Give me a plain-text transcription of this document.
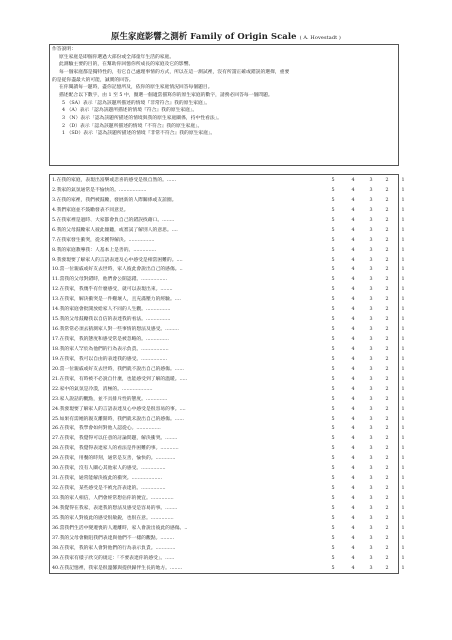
原生家庭影響之測析 Family of Origin Scale ( A. Hovestadt )
作答說明：
原生家庭是即個你選過大部份或全部童年生活的家庭。
此測驗主要的目的，在幫助你回憶你所成長的家庭及它的影響。
每一個家庭都是獨特性的，有它自己處理事情的方式，所以在這一測試裡，沒有所謂正確或錯誤的選擇，重要
的是從你盡最大的可能，誠實的回答。
在你閱讀每一題時，盡你記憶所及，依你的原生家庭情況回答每個題目。
描述配合以下數字，由 1 至 5 中，圈選一個適當描寫你的原生家庭的數字，請務必回答每一個問題。
5 （SA）表示「認為該題所描述的情境『非常符合』我的原生家庭」。
4 （A）表示「認為該題所描述的情境『符合』我的原生家庭」。
3 （N）表示「認為該題所描述的情境與我的原生家庭關係，持中性看法」。
2 （D）表示「認為該題所描述的情境『不符合』我的原生家庭」。
1 （SD）表示「認為該題所描述的情境『非常不符合』我的原生家庭」。
1.在我的家庭，表現出富樂或悲喜的感受是很自然的。......	5	4	3	2	1
2.我家的氣氛通常是不愉快的。..................	5	4	3	2	1
3.在我的家裡，我們被鼓勵，發展新的人際關係或友誼圈。	5	4	3	2	1
4.我們家庭並不鼓勵發表不同意見。	5	4	3	2	1
5.在我家裡是過時、大家都會負自己的錯誤找藉口。........	5	4	3	2	1
6.我的父母鼓勵家人彼此傾聽，或嘗試了解別人的意思。....	5	4	3	2	1
7.在我家發生衝突，從未獲得解決。.................	5	4	3	2	1
8.我的家庭教導我：人基本上是善的。...............	5	4	3	2	1
9.我發現要了解家人的言語表達及心中感受是相當困難的。....	5	4	3	2	1
10.當一位親戚或好友去世時，家人彼此會說出自己的感傷。..	5	4	3	2	1
11.當我的父母對錯時，他們會公開認錯。.................	5	4	3	2	1
12.在我家，我幾乎有什麼感受，就可以表現出來。........	5	4	3	2	1
13.在我家，解決衝突是一件艱壞人，且充滿壓力的經驗。....	5	4	3	2	1
14.我的家庭會批開放給家人不同的人生觀。................	5	4	3	2	1
15.我的父母鼓勵我以自信的表達我的看法。................	5	4	3	2	1
16.我常常必須去猜測家人對一些事情的想法及感受。.........	5	4	3	2	1
17.在我家，我的態度和感受常是被忽略的。...............	5	4	3	2	1
18.我的家人罕於為他們的行為表示負責。..................	5	4	3	2	1
19.在我家，我可以自由的表達我的感受。.................	5	4	3	2	1
20.當一位親戚或好友去世時，我們就不說出自己的感傷。......	5	4	3	2	1
21.在我家，有時被不必說自什麼，也能感受到了解的溫暖。.....	5	4	3	2	1
22.家中的氣氛是冷漠，消極的。....................	5	4	3	2	1
23.家人說話的觀點，並不具排斥性的態度。..............	5	4	3	2	1
24.我發現要了解家人的言語表達及心中感受是很容易的事。....	5	4	3	2	1
25.如果有需她的親友離開時，我們就未說出自己的感傷。......	5	4	3	2	1
26.在我家，我學會如何對他人認從心。................	5	4	3	2	1
27.在我家，我覺得可以任意的討論問題，解決衝突。........	5	4	3	2	1
28.在我家，我覺得表達家人的看法是件困難的事。............	5	4	3	2	1
29.在我家，用餐的時刻，通常是友善，愉快的。.............	5	4	3	2	1
30.在我家，沒有人關心其他家人的感受。................	5	4	3	2	1
31.在我家，通常能解決彼此的衝突。....................	5	4	3	2	1
32.在我家，某些感受是不被允許表達的。................	5	4	3	2	1
33.我的家人相信，人們會經常想佔你的便宜。...............	5	4	3	2	1
34.我覺得在我家，表達我的想法及感受是容易的事。........	5	4	3	2	1
35.我的家人對彼此的感受很敏銳，也很在意。...............	5	4	3	2	1
36.當我們生活中變遷喪的人遷離時，家人會說出彼此的感傷。..	5	4	3	2	1
37.我的父母會勸阻我們表達與他們不一樣的觀點。.........	5	4	3	2	1
38.在我家，我的家人會對他們的行為表示負責。.............	5	4	3	2	1
39.在我家有樣子欣交的規定：「不要表達你的感受」。......	5	4	3	2	1
40.在我記憶裡，我家是很溫馨與提供歸伴生長的地方。........	5	4	3	2	1
